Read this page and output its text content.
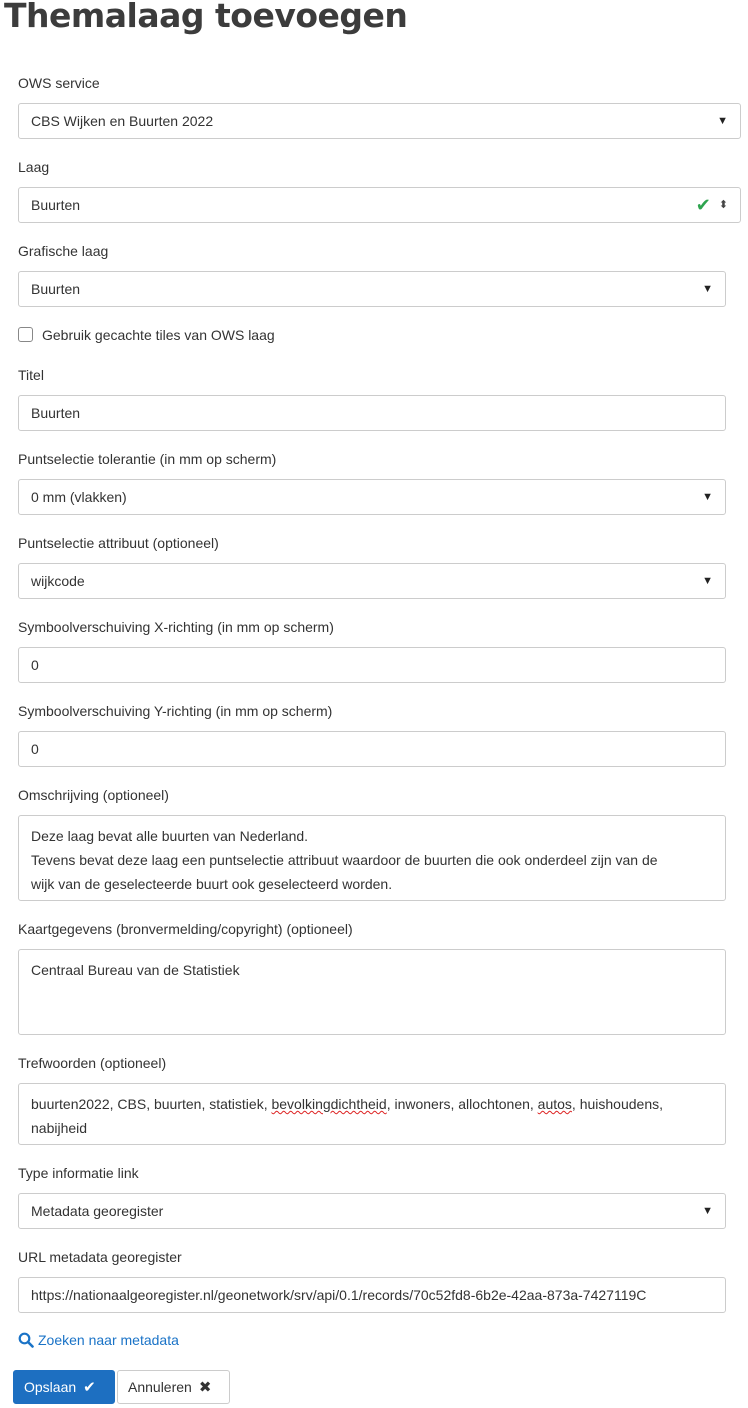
Themalaag toevoegen
OWS service
CBS Wijken en Buurten 2022	▼
Laag
Buurten	✔ ⬍
Grafische laag
Buurten	▼
Gebruik gecachte tiles van OWS laag
Titel
Buurten
Puntselectie tolerantie (in mm op scherm)
0 mm (vlakken)	▼
Puntselectie attribuut (optioneel)
wijkcode	▼
Symboolverschuiving X-richting (in mm op scherm)
0
Symboolverschuiving Y-richting (in mm op scherm)
0
Omschrijving (optioneel)
Deze laag bevat alle buurten van Nederland.
Tevens bevat deze laag een puntselectie attribuut waardoor de buurten die ook onderdeel zijn van de
wijk van de geselecteerde buurt ook geselecteerd worden.
Kaartgegevens (bronvermelding/copyright) (optioneel)
Centraal Bureau van de Statistiek
Trefwoorden (optioneel)
buurten2022, CBS, buurten, statistiek, bevolkingdichtheid, inwoners, allochtonen, autos, huishoudens,
nabijheid
Type informatie link
Metadata georegister	▼
URL metadata georegister
https://nationaalgeoregister.nl/geonetwork/srv/api/0.1/records/70c52fd8-6b2e-42aa-873a-7427119C
Zoeken naar metadata
Opslaan ✔ Annuleren ✖
